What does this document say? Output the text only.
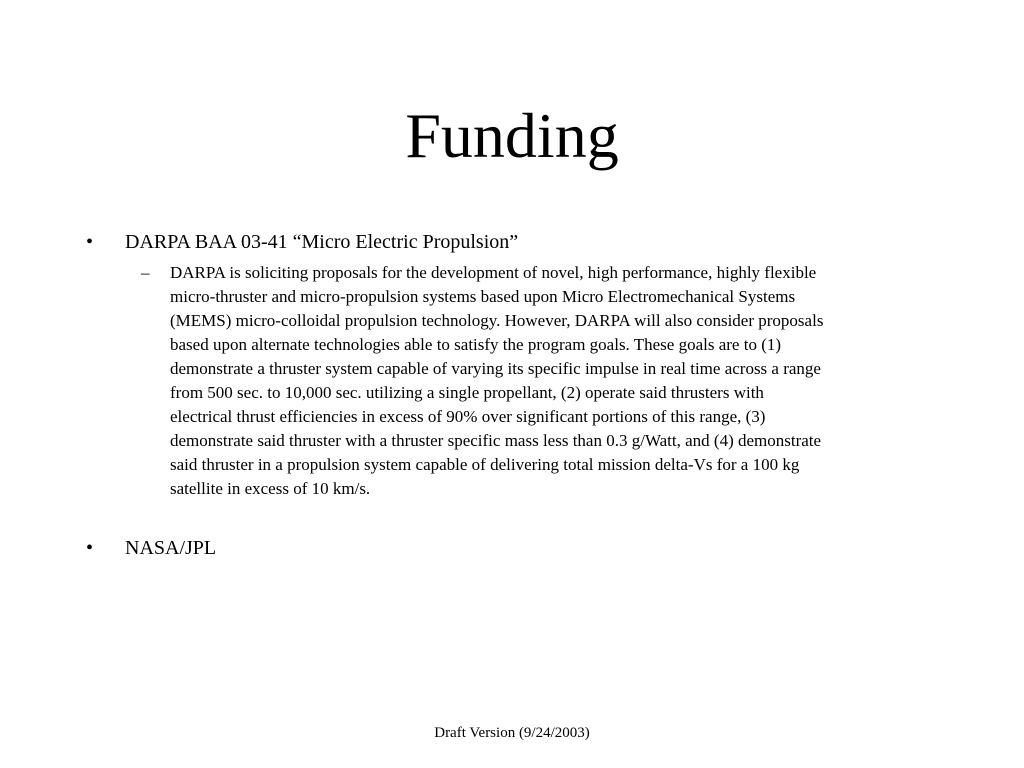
Funding
• DARPA BAA 03-41 “Micro Electric Propulsion”
– DARPA is soliciting proposals for the development of novel, high performance, highly flexible
micro-thruster and micro-propulsion systems based upon Micro Electromechanical Systems
(MEMS) micro-colloidal propulsion technology. However, DARPA will also consider proposals
based upon alternate technologies able to satisfy the program goals. These goals are to (1)
demonstrate a thruster system capable of varying its specific impulse in real time across a range
from 500 sec. to 10,000 sec. utilizing a single propellant, (2) operate said thrusters with
electrical thrust efficiencies in excess of 90% over significant portions of this range, (3)
demonstrate said thruster with a thruster specific mass less than 0.3 g/Watt, and (4) demonstrate
said thruster in a propulsion system capable of delivering total mission delta-Vs for a 100 kg
satellite in excess of 10 km/s.
• NASA/JPL
Draft Version (9/24/2003)
